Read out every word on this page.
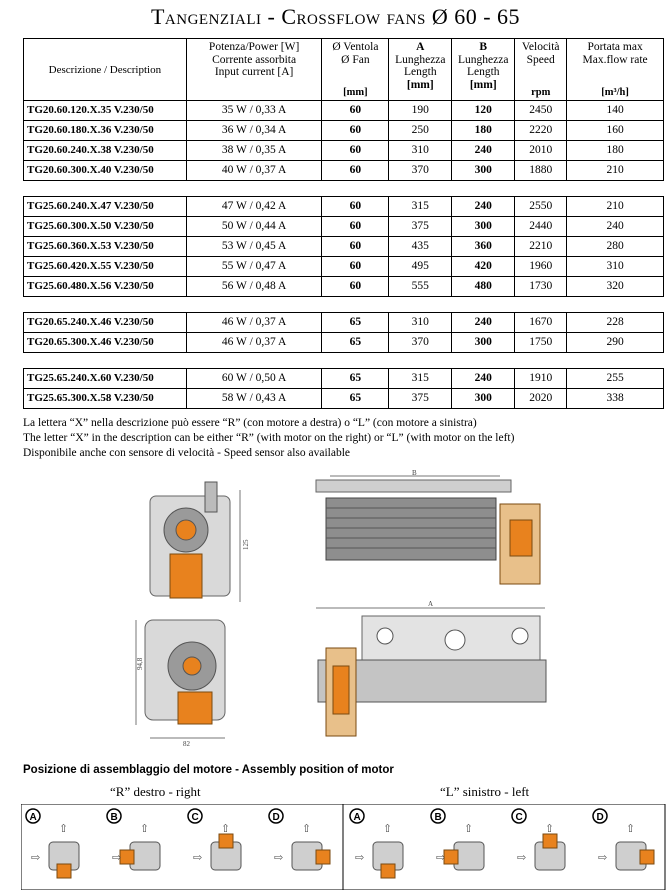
Tangenziali - Crossflow fans Ø 60 - 65
Descrizione / Description	Potenza/Power [W]
Corrente assorbita
Input current [A]	Ø Ventola
Ø Fan
[mm]	A
Lunghezza
Length
[mm]	B
Lunghezza
Length
[mm]	Velocità
Speed
rpm	Portata max
Max.flow rate
[m³/h]

TG20.60.120.X.35 V.230/50	35 W / 0,33 A	60	190	120	2450	140
TG20.60.180.X.36 V.230/50	36 W / 0,34 A	60	250	180	2220	160
TG20.60.240.X.38 V.230/50	38 W / 0,35 A	60	310	240	2010	180
TG20.60.300.X.40 V.230/50	40 W / 0,37 A	60	370	300	1880	210

TG25.60.240.X.47 V.230/50	47 W / 0,42 A	60	315	240	2550	210
TG25.60.300.X.50 V.230/50	50 W / 0,44 A	60	375	300	2440	240
TG25.60.360.X.53 V.230/50	53 W / 0,45 A	60	435	360	2210	280
TG25.60.420.X.55 V.230/50	55 W / 0,47 A	60	495	420	1960	310
TG25.60.480.X.56 V.230/50	56 W / 0,48 A	60	555	480	1730	320

TG20.65.240.X.46 V.230/50	46 W / 0,37 A	65	310	240	1670	228
TG20.65.300.X.46 V.230/50	46 W / 0,37 A	65	370	300	1750	290

TG25.65.240.X.60 V.230/50	60 W / 0,50 A	65	315	240	1910	255
TG25.65.300.X.58 V.230/50	58 W / 0,43 A	65	375	300	2020	338
La lettera “X” nella descrizione può essere “R” (con motore a destra) o “L” (con motore a sinistra)
The letter “X” in the description can be either “R” (with motor on the right) or “L” (with motor on the left)
Disponibile anche con sensore di velocità - Speed sensor also available
125
94,8
82
B
A
Posizione di assemblaggio del motore - Assembly position of motor
“R” destro - right	“L” sinistro - left
A
⇧
⇨
B
⇧
⇨
C
⇧
⇨
D
⇧
⇨
A
⇧
⇨
B
⇧
⇨
C
⇧
⇨
D
⇧
⇨
